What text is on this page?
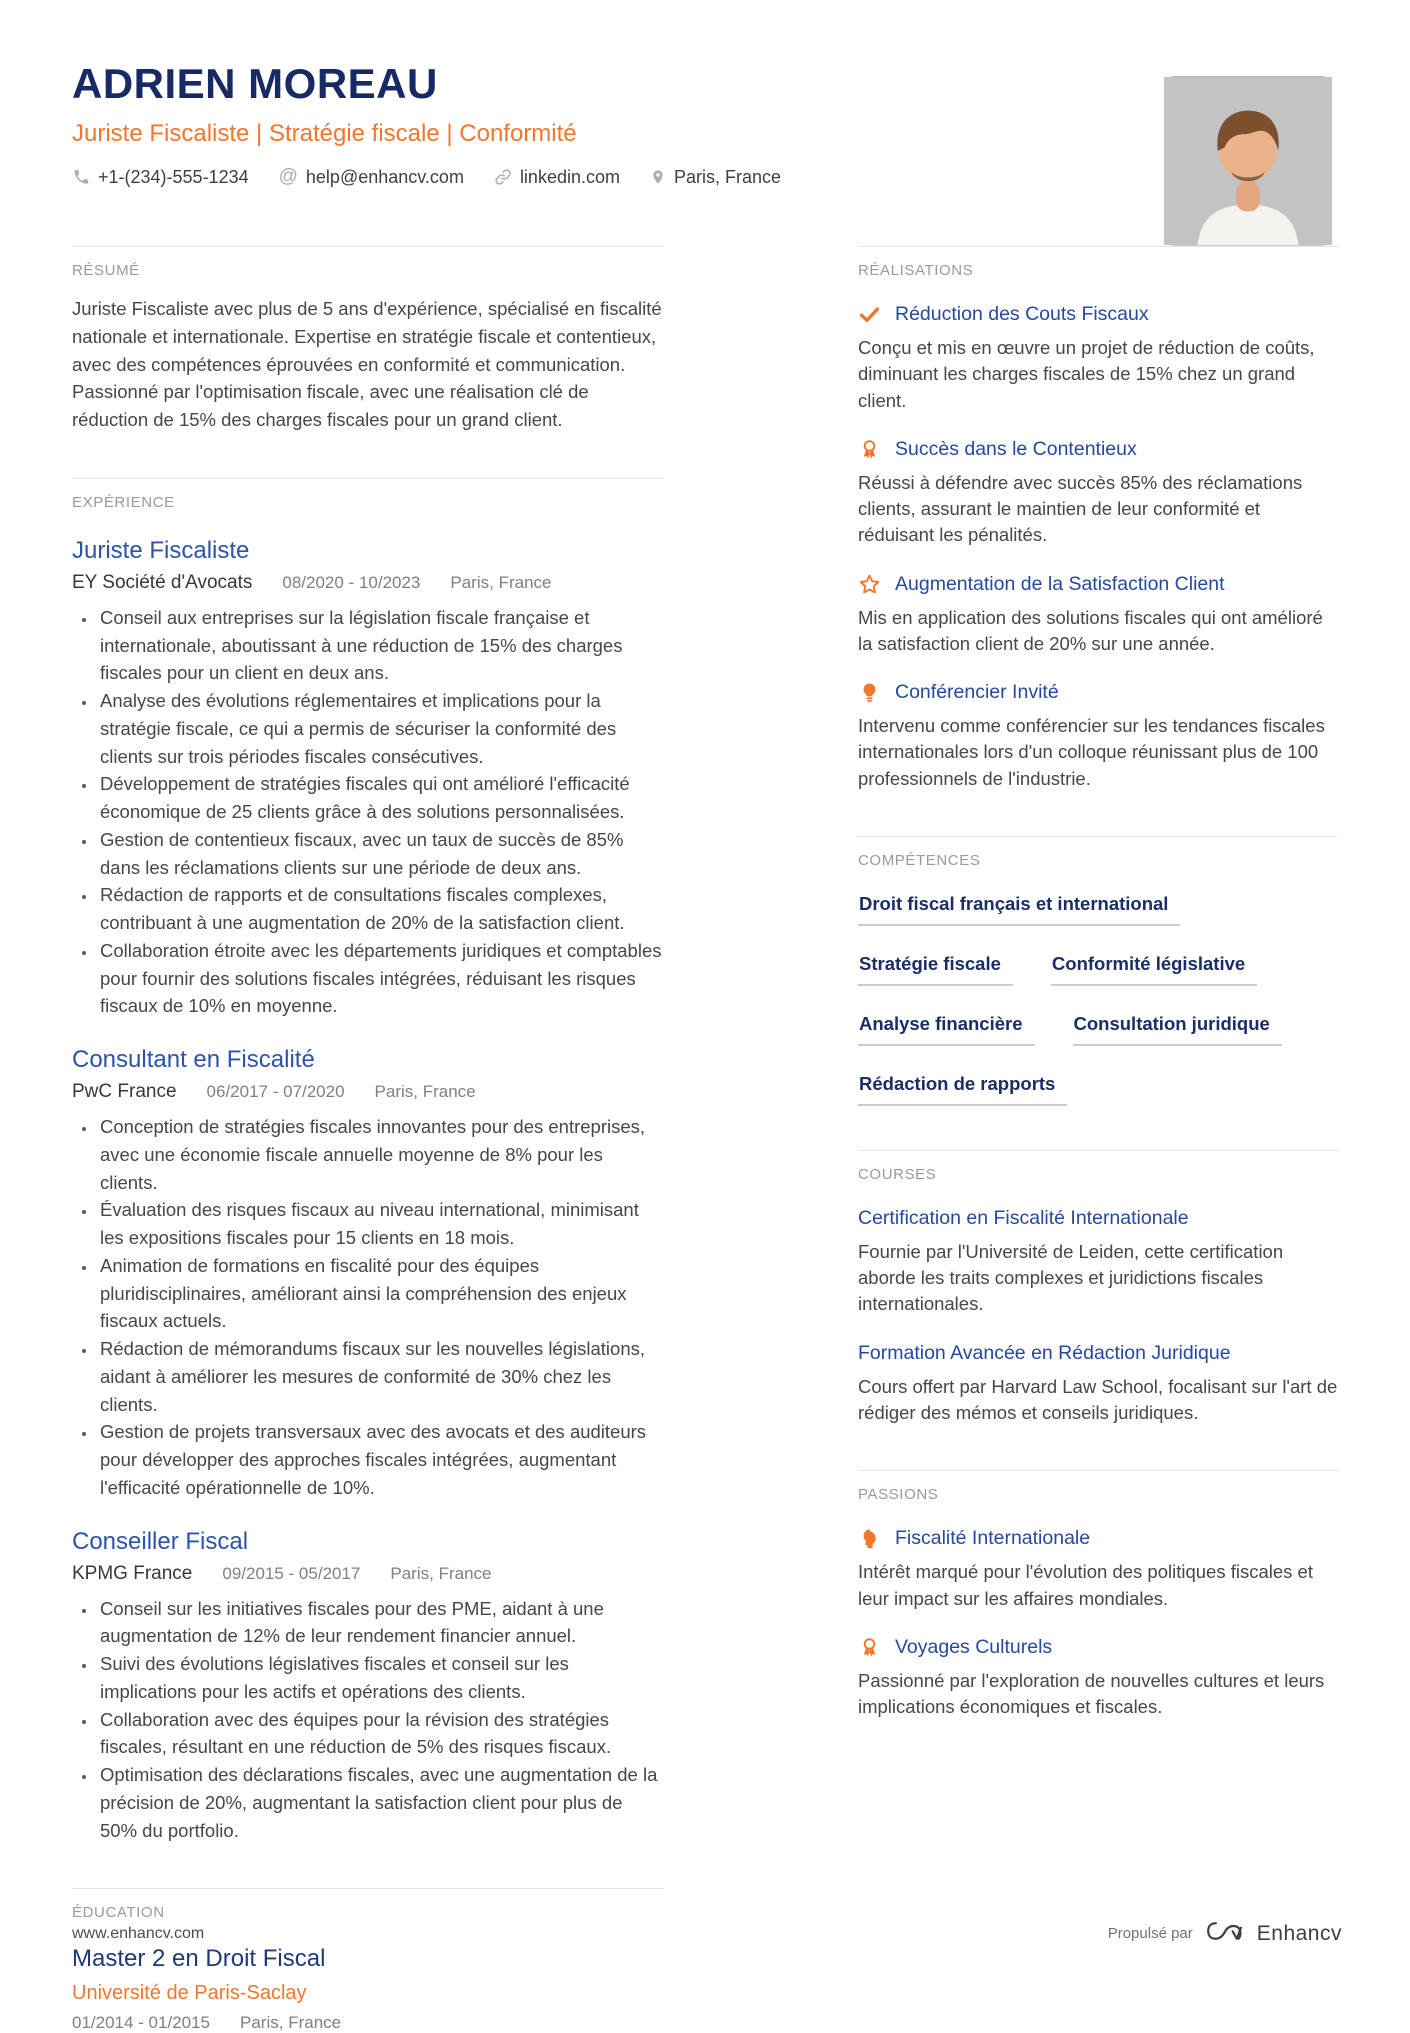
ADRIEN MOREAU
Juriste Fiscaliste | Stratégie fiscale | Conformité
+1-(234)-555-1234 @ help@enhancv.com	linkedin.com	Paris, France
RÉSUMÉ

Juriste Fiscaliste avec plus de 5 ans d'expérience, spécialisé en fiscalité nationale et internationale. Expertise en stratégie fiscale et contentieux, avec des compétences éprouvées en conformité et communication. Passionné par l'optimisation fiscale, avec une réalisation clé de réduction de 15% des charges fiscales pour un grand client.

EXPÉRIENCE
Juriste Fiscaliste
EY Société d'Avocats 08/2020 - 10/2023 Paris, France
• Conseil aux entreprises sur la législation fiscale française et internationale, aboutissant à une réduction de 15% des charges fiscales pour un client en deux ans.
• Analyse des évolutions réglementaires et implications pour la stratégie fiscale, ce qui a permis de sécuriser la conformité des clients sur trois périodes fiscales consécutives.
• Développement de stratégies fiscales qui ont amélioré l'efficacité économique de 25 clients grâce à des solutions personnalisées.
• Gestion de contentieux fiscaux, avec un taux de succès de 85% dans les réclamations clients sur une période de deux ans.
• Rédaction de rapports et de consultations fiscales complexes, contribuant à une augmentation de 20% de la satisfaction client.
• Collaboration étroite avec les départements juridiques et comptables pour fournir des solutions fiscales intégrées, réduisant les risques fiscaux de 10% en moyenne.
Consultant en Fiscalité
PwC France 06/2017 - 07/2020 Paris, France
• Conception de stratégies fiscales innovantes pour des entreprises, avec une économie fiscale annuelle moyenne de 8% pour les clients.
• Évaluation des risques fiscaux au niveau international, minimisant les expositions fiscales pour 15 clients en 18 mois.
• Animation de formations en fiscalité pour des équipes pluridisciplinaires, améliorant ainsi la compréhension des enjeux fiscaux actuels.
• Rédaction de mémorandums fiscaux sur les nouvelles législations, aidant à améliorer les mesures de conformité de 30% chez les clients.
• Gestion de projets transversaux avec des avocats et des auditeurs pour développer des approches fiscales intégrées, augmentant l'efficacité opérationnelle de 10%.
Conseiller Fiscal
KPMG France 09/2015 - 05/2017 Paris, France
• Conseil sur les initiatives fiscales pour des PME, aidant à une augmentation de 12% de leur rendement financier annuel.
• Suivi des évolutions législatives fiscales et conseil sur les implications pour les actifs et opérations des clients.
• Collaboration avec des équipes pour la révision des stratégies fiscales, résultant en une réduction de 5% des risques fiscaux.
• Optimisation des déclarations fiscales, avec une augmentation de la précision de 20%, augmentant la satisfaction client pour plus de 50% du portfolio.
ÉDUCATION
Master 2 en Droit Fiscal
Université de Paris-Saclay
01/2014 - 01/2015 Paris, France
RÉALISATIONS
Réduction des Couts Fiscaux

Conçu et mis en œuvre un projet de réduction de coûts, diminuant les charges fiscales de 15% chez un grand client.

Succès dans le Contentieux

Réussi à défendre avec succès 85% des réclamations clients, assurant le maintien de leur conformité et réduisant les pénalités.

Augmentation de la Satisfaction Client

Mis en application des solutions fiscales qui ont amélioré la satisfaction client de 20% sur une année.

Conférencier Invité

Intervenu comme conférencier sur les tendances fiscales internationales lors d'un colloque réunissant plus de 100 professionnels de l'industrie.

COMPÉTENCES
Droit fiscal français et international
Stratégie fiscale	Conformité législative
Analyse financière	Consultation juridique
Rédaction de rapports
COURSES
Certification en Fiscalité Internationale

Fournie par l'Université de Leiden, cette certification aborde les traits complexes et juridictions fiscales internationales.

Formation Avancée en Rédaction Juridique

Cours offert par Harvard Law School, focalisant sur l'art de rédiger des mémos et conseils juridiques.

PASSIONS
Fiscalité Internationale

Intérêt marqué pour l'évolution des politiques fiscales et leur impact sur les affaires mondiales.

Voyages Culturels

Passionné par l'exploration de nouvelles cultures et leurs implications économiques et fiscales.

www.enhancv.com	Propulsé par	Enhancv
